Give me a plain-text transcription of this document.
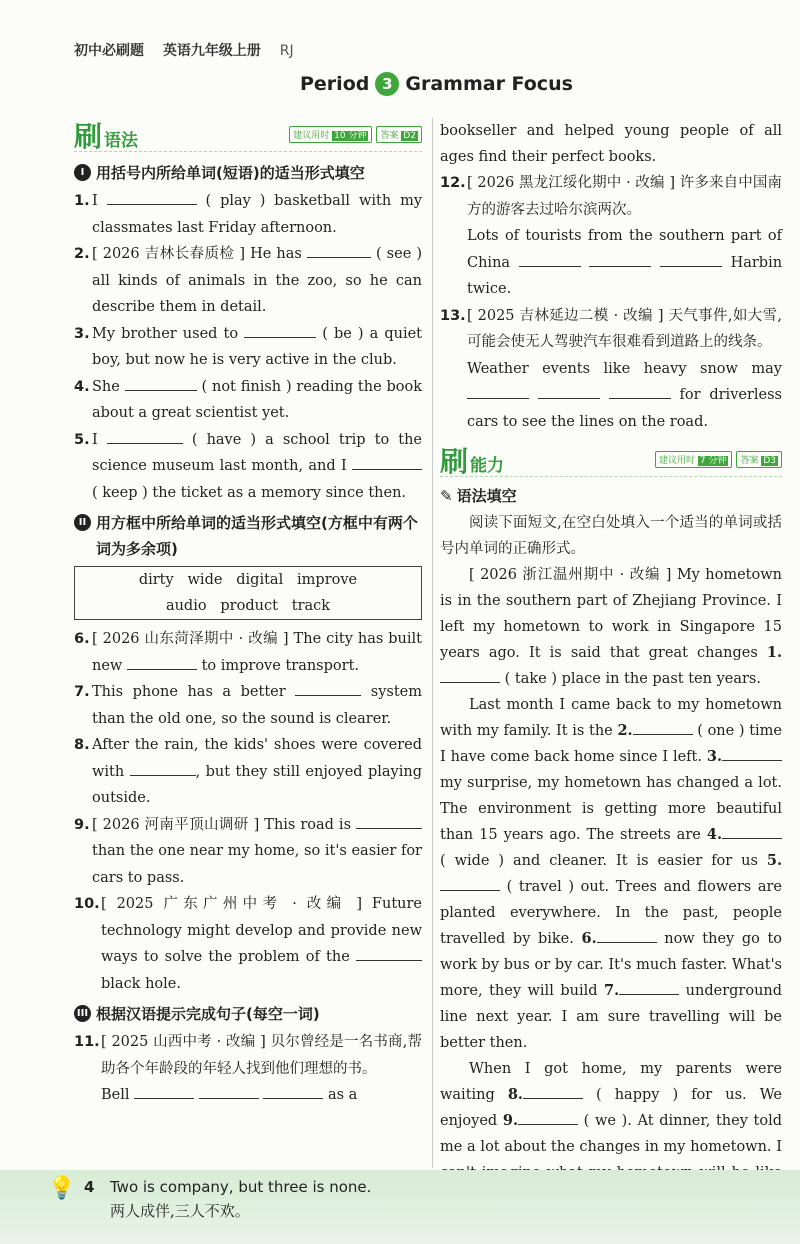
初中必刷题 英语九年级上册 RJ
Period 3 Grammar Focus
刷 语法	建议用时 10 分钟	答案 D2
I 用括号内所给单词(短语)的适当形式填空
1. I	( play ) basketball with my classmates last Friday afternoon.
2. [ 2026 吉林长春质检 ] He has	( see ) all kinds of animals in the zoo, so he can describe them in detail.
3. My brother used to	( be ) a quiet boy, but now he is very active in the club.
4. She	( not finish ) reading the book about a great scientist yet.
5. I	( have ) a school trip to the science museum last month, and I  ( keep ) the ticket as a memory since then.
II 用方框中所给单词的适当形式填空(方框中有两个词为多余项)
dirty   wide   digital   improve
audio   product   track
6. [ 2026 山东菏泽期中 · 改编 ] The city has built new	to improve transport.
7. This phone has a better	system than the old one, so the sound is clearer.
8. After the rain, the kids' shoes were covered with	, but they still enjoyed playing outside.
9. [ 2026 河南平顶山调研 ] This road is  than the one near my home, so it's easier for cars to pass.
10. [ 2025 广东广州中考 · 改编 ] Future technology might develop and provide new ways to solve the problem of the  black hole.
III 根据汉语提示完成句子(每空一词)
11. [ 2025 山西中考 · 改编 ] 贝尔曾经是一名书商,帮助各个年龄段的年轻人找到他们理想的书。
Bell	as a
bookseller and helped young people of all ages find their perfect books.
12. [ 2026 黑龙江绥化期中 · 改编 ] 许多来自中国南方的游客去过哈尔滨两次。
Lots of tourists from the southern part of China	Harbin twice.
13. [ 2025 吉林延边二模 · 改编 ] 天气事件,如大雪,可能会使无人驾驶汽车很难看到道路上的线条。
Weather events like heavy snow may    for driverless cars to see the lines on the road.
刷 能力	建议用时 7 分钟	答案 D3
✎ 语法填空
阅读下面短文,在空白处填入一个适当的单词或括号内单词的正确形式。
[ 2026 浙江温州期中 · 改编 ] My hometown is in the southern part of Zhejiang Province. I left my hometown to work in Singapore 15 years ago. It is said that great changes 1. ( take ) place in the past ten years.
Last month I came back to my hometown with my family. It is the 2.	( one ) time I have come back home since I left. 3. my surprise, my hometown has changed a lot. The environment is getting more beautiful than 15 years ago. The streets are 4. ( wide ) and cleaner. It is easier for us 5. ( travel ) out. Trees and flowers are planted everywhere. In the past, people travelled by bike. 6.	now they go to work by bus or by car. It's much faster. What's more, they will build 7.	underground line next year. I am sure travelling will be better then.
When I got home, my parents were waiting 8.	( happy ) for us. We enjoyed 9.	( we ). At dinner, they told me a lot about the changes in my hometown. I
💡 4 Two is company, but three is none.
两人成伴,三人不欢。
